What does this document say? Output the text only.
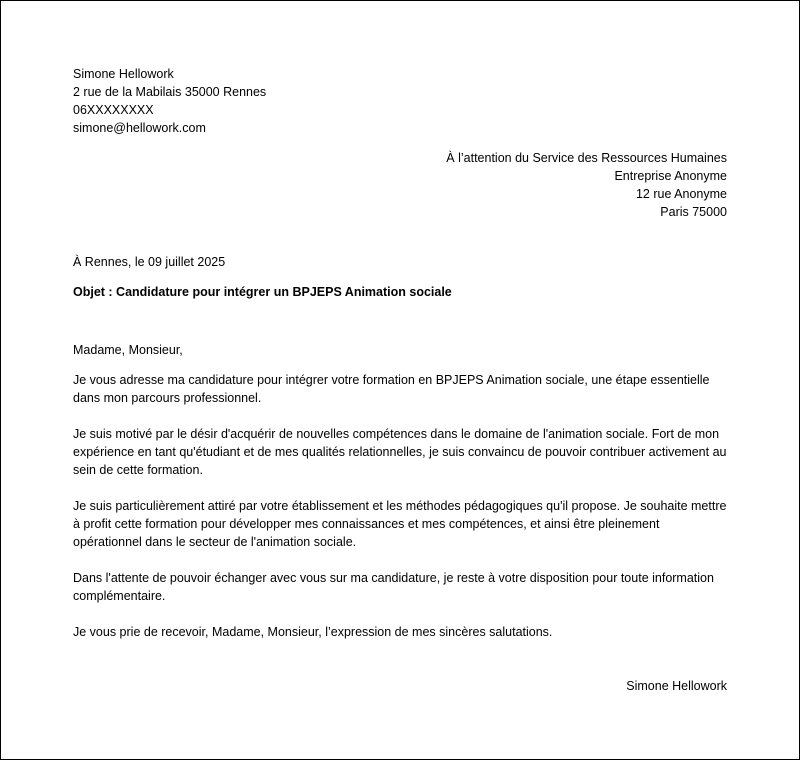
Simone Hellowork
2 rue de la Mabilais 35000 Rennes
06XXXXXXXX
simone@hellowork.com
À l’attention du Service des Ressources Humaines
Entreprise Anonyme
12 rue Anonyme
Paris 75000
À Rennes, le 09 juillet 2025
Objet : Candidature pour intégrer un BPJEPS Animation sociale
Madame, Monsieur,

Je vous adresse ma candidature pour intégrer votre formation en BPJEPS Animation sociale, une étape essentielle dans mon parcours professionnel.

Je suis motivé par le désir d'acquérir de nouvelles compétences dans le domaine de l'animation sociale. Fort de mon expérience en tant qu'étudiant et de mes qualités relationnelles, je suis convaincu de pouvoir contribuer activement au sein de cette formation.

Je suis particulièrement attiré par votre établissement et les méthodes pédagogiques qu'il propose. Je souhaite mettre à profit cette formation pour développer mes connaissances et mes compétences, et ainsi être pleinement opérationnel dans le secteur de l'animation sociale.

Dans l'attente de pouvoir échanger avec vous sur ma candidature, je reste à votre disposition pour toute information complémentaire.

Je vous prie de recevoir, Madame, Monsieur, l’expression de mes sincères salutations.

Simone Hellowork
